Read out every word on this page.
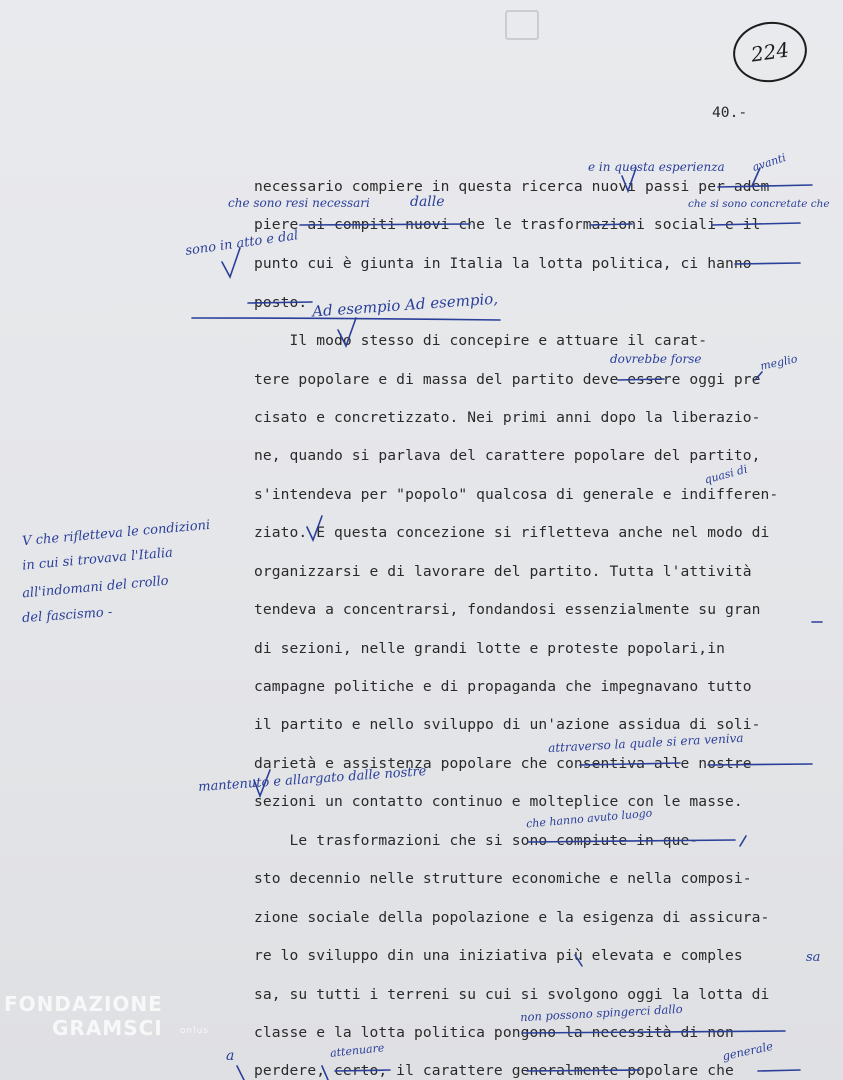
224
40.-
necessario compiere in questa ricerca nuovi passi per adem
piere ai compiti nuovi che le trasformazioni sociali e il
punto cui è giunta in Italia la lotta politica, ci hanno
posto.
Il modo stesso di concepire e attuare il carat-
tere popolare e di massa del partito deve essere oggi pre
cisato e concretizzato. Nei primi anni dopo la liberazio-
ne, quando si parlava del carattere popolare del partito,
s'intendeva per "popolo" qualcosa di generale e indifferen-
ziato. E questa concezione si rifletteva anche nel modo di
organizzarsi e di lavorare del partito. Tutta l'attività
tendeva a concentrarsi, fondandosi essenzialmente su gran
di sezioni, nelle grandi lotte e proteste popolari,in
campagne politiche e di propaganda che impegnavano tutto
il partito e nello sviluppo di un'azione assidua di soli-
darietà e assistenza popolare che consentiva alle nostre
sezioni un contatto continuo e molteplice con le masse.
Le trasformazioni che si sono compiute in que-
sto decennio nelle strutture economiche e nella composi-
zione sociale della popolazione e la esigenza di assicura-
re lo sviluppo din una iniziativa più elevata e comples
sa, su tutti i terreni su cui si svolgono oggi la lotta di
classe e la lotta politica pongono la necessità di non
perdere, certo, il carattere generalmente popolare che
e in questa esperienza avanti
che sono resi necessari	dalle	che si sono concretate che
sono in atto e dal
Ad esempio Ad esempio,
dovrebbe forse	meglio
quasi di
V che rifletteva le condizioni
in cui si trovava l'Italia
all'indomani del crollo
del fascismo -
attraverso la quale si era veniva
mantenuto e allargato dalle nostre
che hanno avuto luogo
sa
non possono spingerci dallo
a	attenuare	generale
FONDAZIONE
GRAMSCI onlus
